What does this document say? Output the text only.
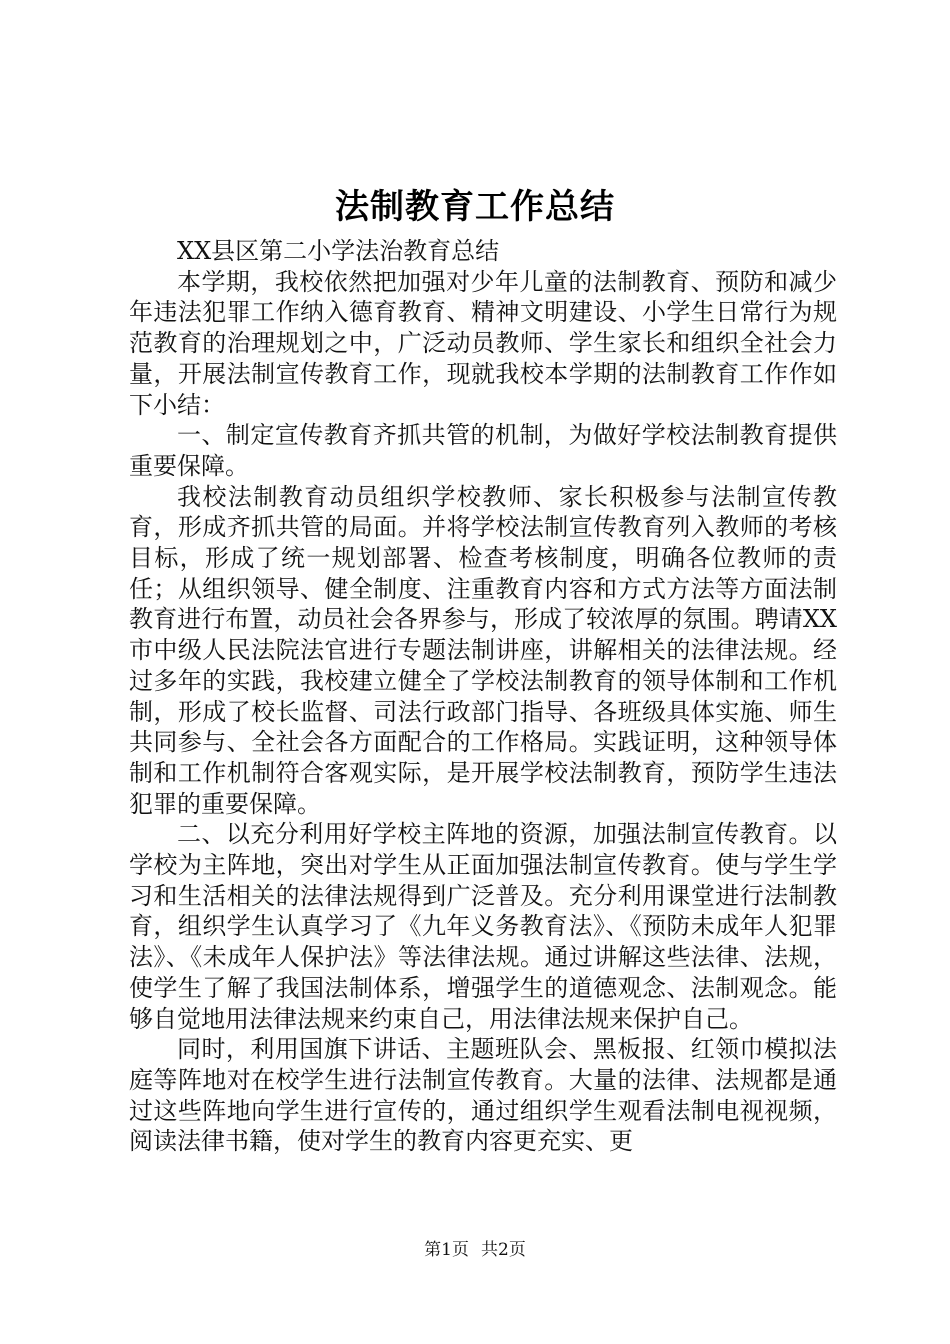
法制教育工作总结

XX县区第二小学法治教育总结

本学期，我校依然把加强对少年儿童的法制教育、预防和减少年违法犯罪工作纳入德育教育、精神文明建设、小学生日常行为规范教育的治理规划之中，广泛动员教师、学生家长和组织全社会力量，开展法制宣传教育工作，现就我校本学期的法制教育工作作如下小结：

一、制定宣传教育齐抓共管的机制，为做好学校法制教育提供重要保障。

我校法制教育动员组织学校教师、家长积极参与法制宣传教育，形成齐抓共管的局面。并将学校法制宣传教育列入教师的考核目标，形成了统一规划部署、检查考核制度，明确各位教师的责任；从组织领导、健全制度、注重教育内容和方式方法等方面法制教育进行布置，动员社会各界参与，形成了较浓厚的氛围。聘请XX市中级人民法院法官进行专题法制讲座，讲解相关的法律法规。经过多年的实践，我校建立健全了学校法制教育的领导体制和工作机制，形成了校长监督、司法行政部门指导、各班级具体实施、师生共同参与、全社会各方面配合的工作格局。实践证明，这种领导体制和工作机制符合客观实际，是开展学校法制教育，预防学生违法犯罪的重要保障。

二、以充分利用好学校主阵地的资源，加强法制宣传教育。以学校为主阵地，突出对学生从正面加强法制宣传教育。使与学生学习和生活相关的法律法规得到广泛普及。充分利用课堂进行法制教育，组织学生认真学习了《九年义务教育法》、《预防未成年人犯罪法》、《未成年人保护法》等法律法规。通过讲解这些法律、法规，使学生了解了我国法制体系，增强学生的道德观念、法制观念。能够自觉地用法律法规来约束自己，用法律法规来保护自己。

同时，利用国旗下讲话、主题班队会、黑板报、红领巾模拟法庭等阵地对在校学生进行法制宣传教育。大量的法律、法规都是通过这些阵地向学生进行宣传的，通过组织学生观看法制电视视频，阅读法律书籍，使对学生的教育内容更充实、更

第1页 共2页
